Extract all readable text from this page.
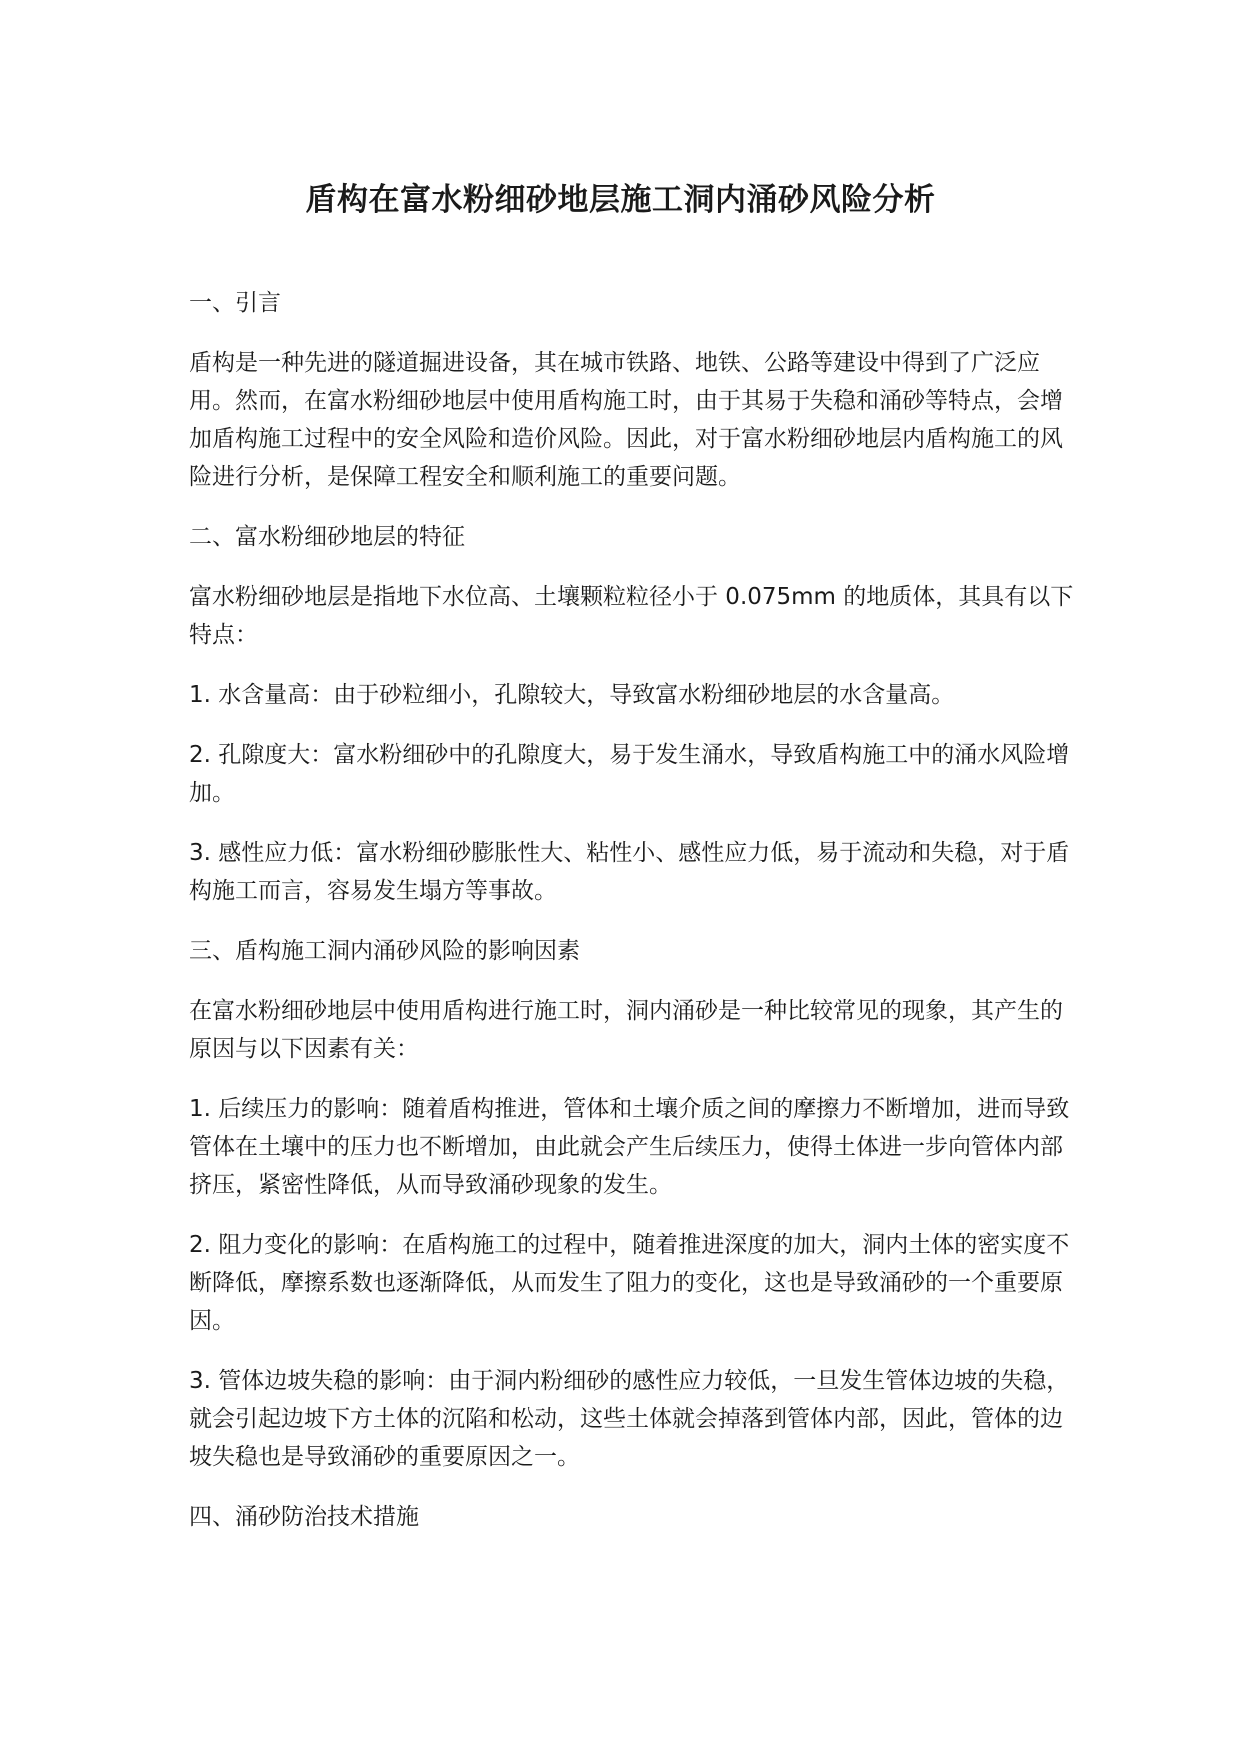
盾构在富水粉细砂地层施工洞内涌砂风险分析
一、引言

盾构是一种先进的隧道掘进设备，其在城市铁路、地铁、公路等建设中得到了广泛应用。然而，在富水粉细砂地层中使用盾构施工时，由于其易于失稳和涌砂等特点，会增加盾构施工过程中的安全风险和造价风险。因此，对于富水粉细砂地层内盾构施工的风险进行分析，是保障工程安全和顺利施工的重要问题。

二、富水粉细砂地层的特征

富水粉细砂地层是指地下水位高、土壤颗粒粒径小于 0.075mm 的地质体，其具有以下特点：

1. 水含量高：由于砂粒细小，孔隙较大，导致富水粉细砂地层的水含量高。

2. 孔隙度大：富水粉细砂中的孔隙度大，易于发生涌水，导致盾构施工中的涌水风险增加。

3. 感性应力低：富水粉细砂膨胀性大、粘性小、感性应力低，易于流动和失稳，对于盾构施工而言，容易发生塌方等事故。

三、盾构施工洞内涌砂风险的影响因素

在富水粉细砂地层中使用盾构进行施工时，洞内涌砂是一种比较常见的现象，其产生的原因与以下因素有关：

1. 后续压力的影响：随着盾构推进，管体和土壤介质之间的摩擦力不断增加，进而导致管体在土壤中的压力也不断增加，由此就会产生后续压力，使得土体进一步向管体内部挤压，紧密性降低，从而导致涌砂现象的发生。

2. 阻力变化的影响：在盾构施工的过程中，随着推进深度的加大，洞内土体的密实度不断降低，摩擦系数也逐渐降低，从而发生了阻力的变化，这也是导致涌砂的一个重要原因。

3. 管体边坡失稳的影响：由于洞内粉细砂的感性应力较低，一旦发生管体边坡的失稳，就会引起边坡下方土体的沉陷和松动，这些土体就会掉落到管体内部，因此，管体的边坡失稳也是导致涌砂的重要原因之一。

四、涌砂防治技术措施
